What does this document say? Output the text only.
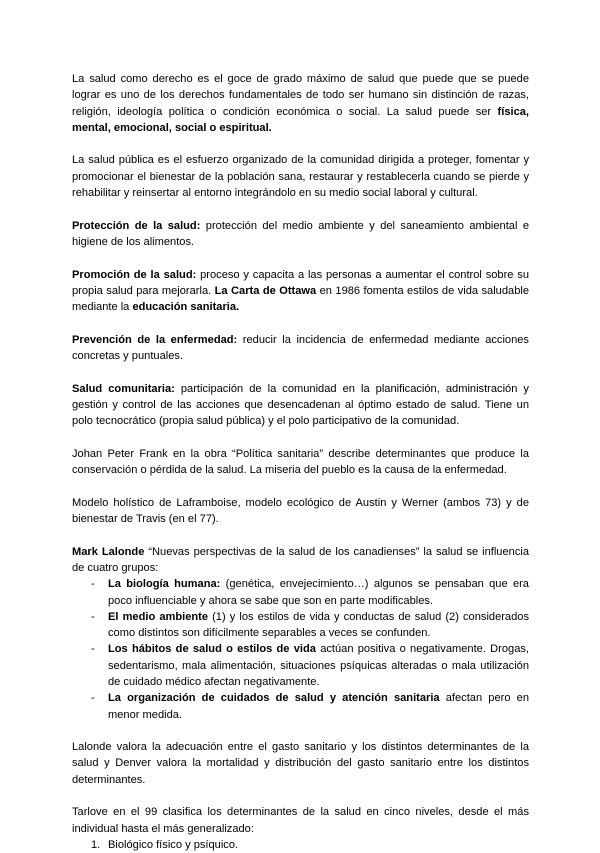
La salud como derecho es el goce de grado máximo de salud que puede que se puede lograr es uno de los derechos fundamentales de todo ser humano sin distinción de razas, religión, ideología política o condición económica o social. La salud puede ser física, mental, emocional, social o espiritual.

La salud pública es el esfuerzo organizado de la comunidad dirigida a proteger, fomentar y promocionar el bienestar de la población sana, restaurar y restablecerla cuando se pierde y rehabilitar y reinsertar al entorno integrándolo en su medio social laboral y cultural.

Protección de la salud: protección del medio ambiente y del saneamiento ambiental e higiene de los alimentos.

Promoción de la salud: proceso y capacita a las personas a aumentar el control sobre su propia salud para mejorarla. La Carta de Ottawa en 1986 fomenta estilos de vida saludable mediante la educación sanitaria.

Prevención de la enfermedad: reducir la incidencia de enfermedad mediante acciones concretas y puntuales.

Salud comunitaria: participación de la comunidad en la planificación, administración y gestión y control de las acciones que desencadenan al óptimo estado de salud. Tiene un polo tecnocrático (propia salud pública) y el polo participativo de la comunidad.

Johan Peter Frank en la obra “Política sanitaria” describe determinantes que produce la conservación o pérdida de la salud. La miseria del pueblo es la causa de la enfermedad.

Modelo holístico de Laframboise, modelo ecológico de Austin y Werner (ambos 73) y de bienestar de Travis (en el 77).

Mark Lalonde “Nuevas perspectivas de la salud de los canadienses” la salud se influencia de cuatro grupos:

- La biología humana: (genética, envejecimiento…) algunos se pensaban que era poco influenciable y ahora se sabe que son en parte modificables.
- El medio ambiente (1) y los estilos de vida y conductas de salud (2) considerados como distintos son difícilmente separables a veces se confunden.
- Los hábitos de salud o estilos de vida actúan positiva o negativamente. Drogas, sedentarismo, mala alimentación, situaciones psíquicas alteradas o mala utilización de cuidado médico afectan negativamente.
- La organización de cuidados de salud y atención sanitaria afectan pero en menor medida.

Lalonde valora la adecuación entre el gasto sanitario y los distintos determinantes de la salud y Denver valora la mortalidad y distribución del gasto sanitario entre los distintos determinantes.

Tarlove en el 99 clasifica los determinantes de la salud en cinco niveles, desde el más individual hasta el más generalizado:

1. Biológico físico y psíquico.
